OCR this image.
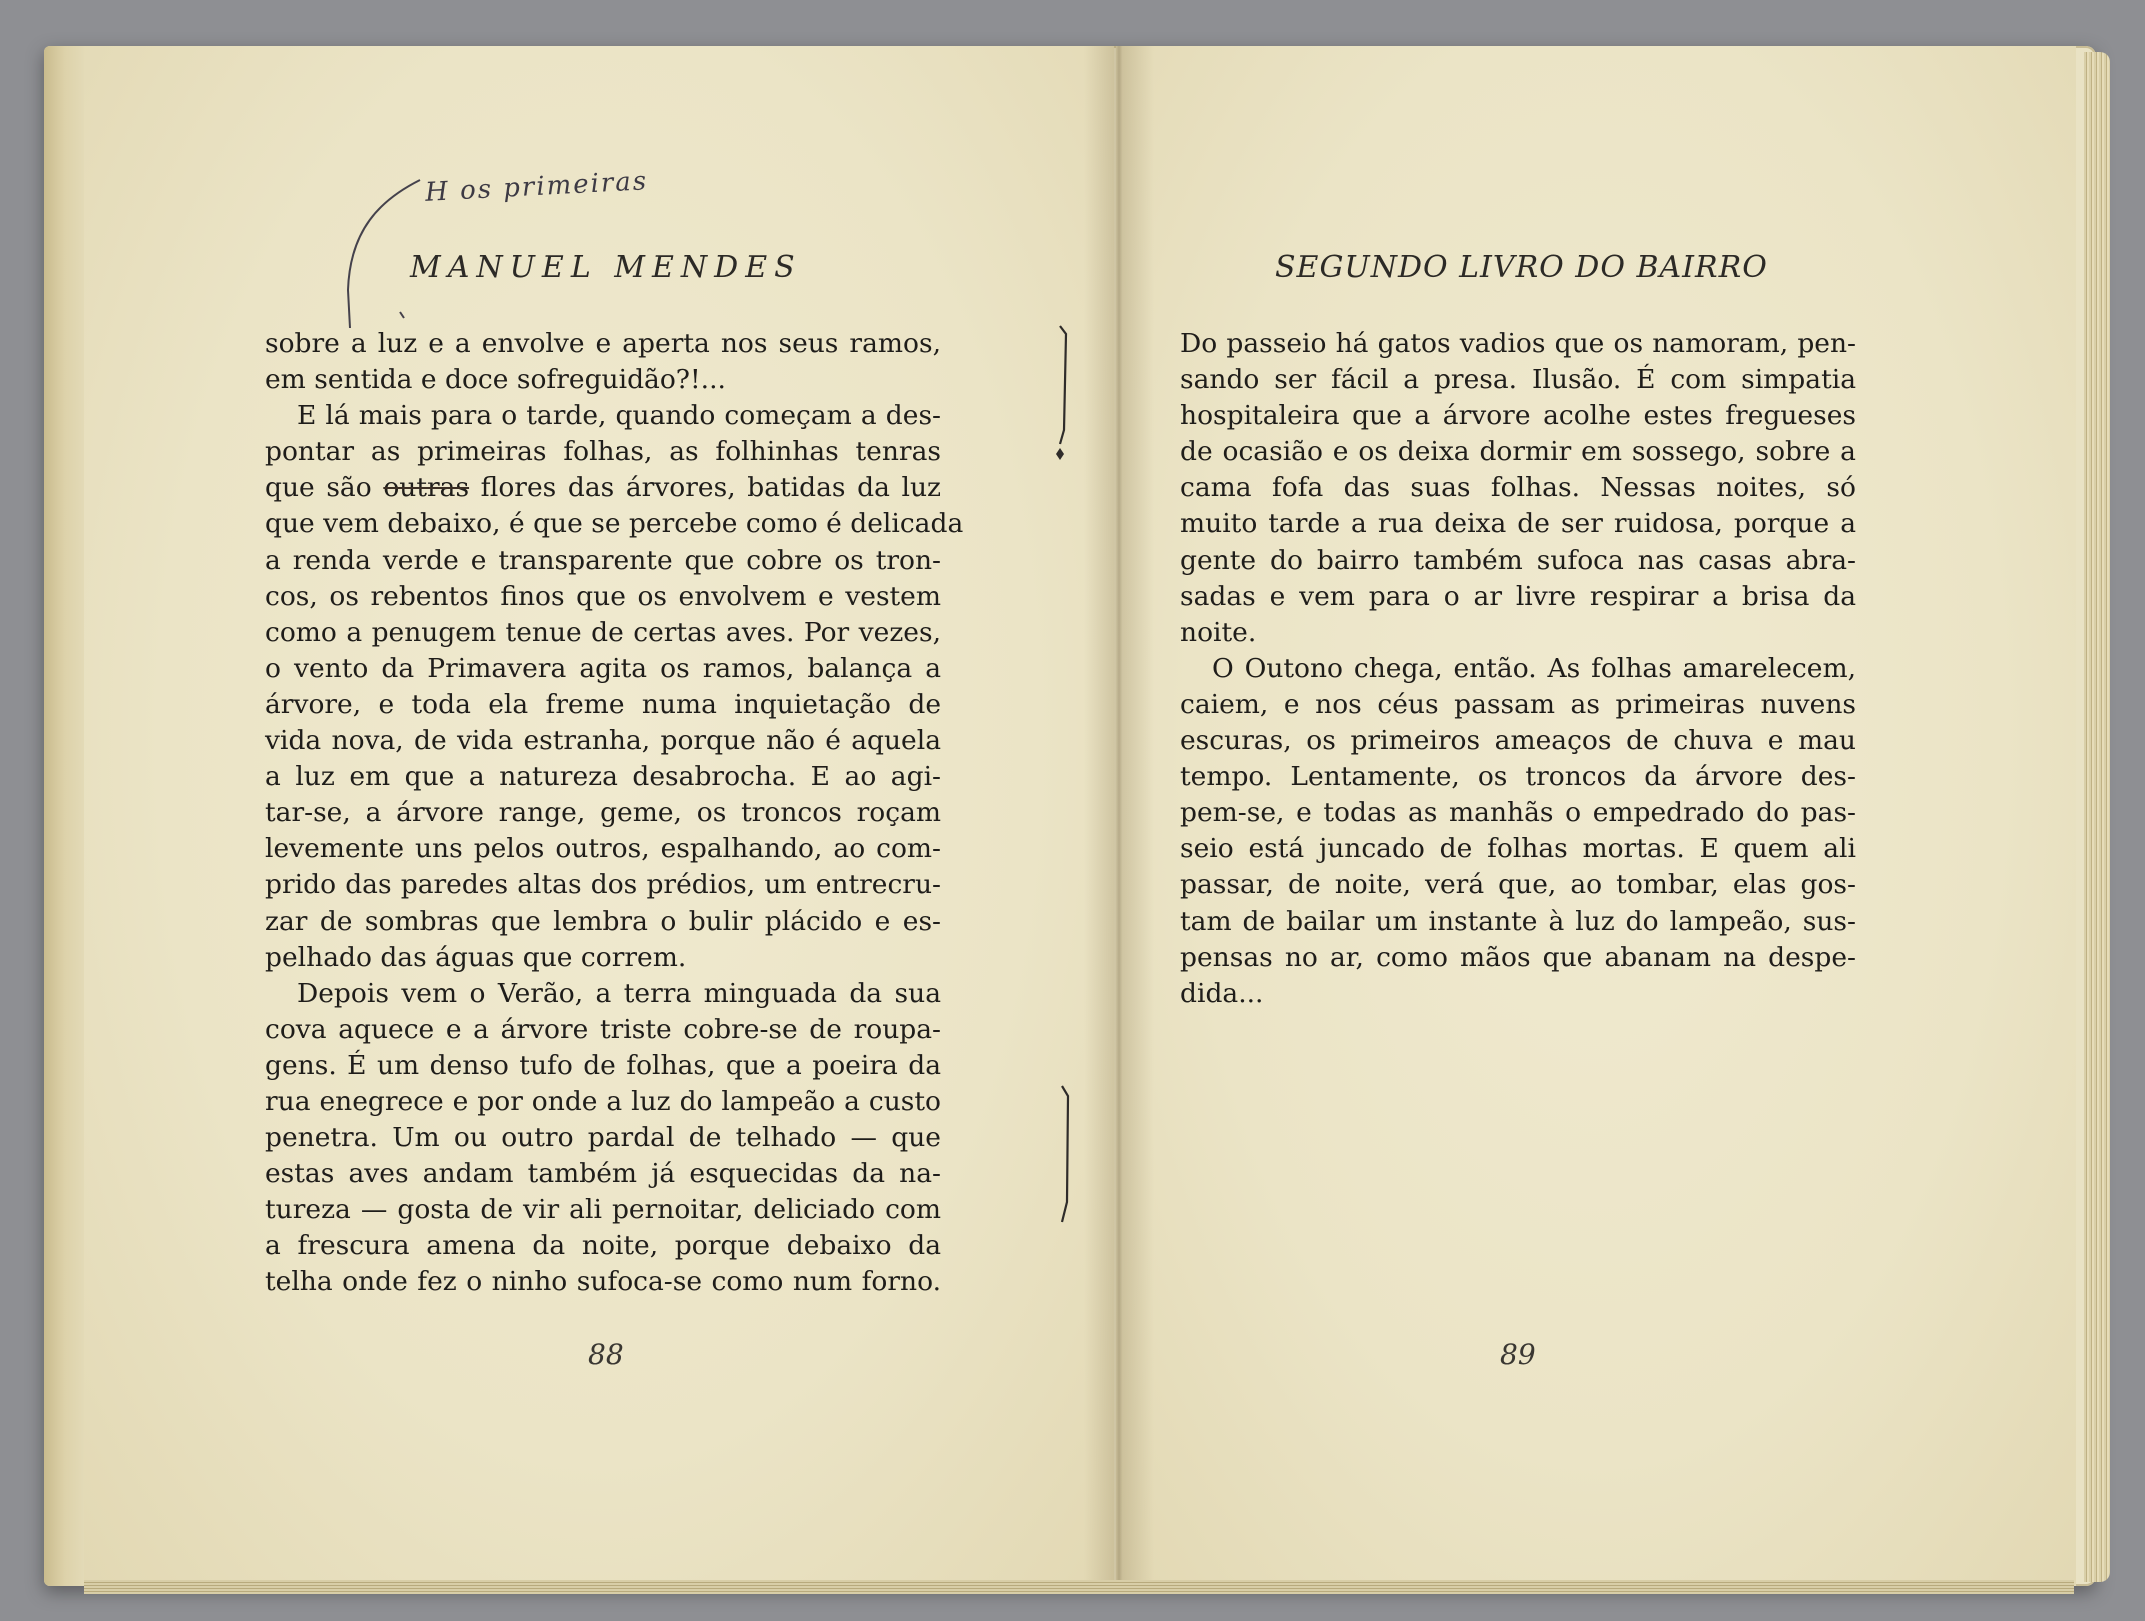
H os primeiras
MANUEL MENDES	SEGUNDO LIVRO DO BAIRRO
sobre a luz e a envolve e aperta nos seus ramos,
em sentida e doce sofreguidão?!...
E lá mais para o tarde, quando começam a des-
pontar as primeiras folhas, as folhinhas tenras
que são outras flores das árvores, batidas da luz
que vem debaixo, é que se percebe como é delicada
a renda verde e transparente que cobre os tron-
cos, os rebentos finos que os envolvem e vestem
como a penugem tenue de certas aves. Por vezes,
o vento da Primavera agita os ramos, balança a
árvore, e toda ela freme numa inquietação de
vida nova, de vida estranha, porque não é aquela
a luz em que a natureza desabrocha. E ao agi-
tar-se, a árvore range, geme, os troncos roçam
levemente uns pelos outros, espalhando, ao com-
prido das paredes altas dos prédios, um entrecru-
zar de sombras que lembra o bulir plácido e es-
pelhado das águas que correm.
Depois vem o Verão, a terra minguada da sua
cova aquece e a árvore triste cobre-se de roupa-
gens. É um denso tufo de folhas, que a poeira da
rua enegrece e por onde a luz do lampeão a custo
penetra. Um ou outro pardal de telhado — que
estas aves andam também já esquecidas da na-
tureza — gosta de vir ali pernoitar, deliciado com
a frescura amena da noite, porque debaixo da
telha onde fez o ninho sufoca-se como num forno.
Do passeio há gatos vadios que os namoram, pen-
sando ser fácil a presa. Ilusão. É com simpatia
hospitaleira que a árvore acolhe estes fregueses
de ocasião e os deixa dormir em sossego, sobre a
cama fofa das suas folhas. Nessas noites, só
muito tarde a rua deixa de ser ruidosa, porque a
gente do bairro também sufoca nas casas abra-
sadas e vem para o ar livre respirar a brisa da
noite.
O Outono chega, então. As folhas amarelecem,
caiem, e nos céus passam as primeiras nuvens
escuras, os primeiros ameaços de chuva e mau
tempo. Lentamente, os troncos da árvore des-
pem-se, e todas as manhãs o empedrado do pas-
seio está juncado de folhas mortas. E quem ali
passar, de noite, verá que, ao tombar, elas gos-
tam de bailar um instante à luz do lampeão, sus-
pensas no ar, como mãos que abanam na despe-
dida...
88	89
